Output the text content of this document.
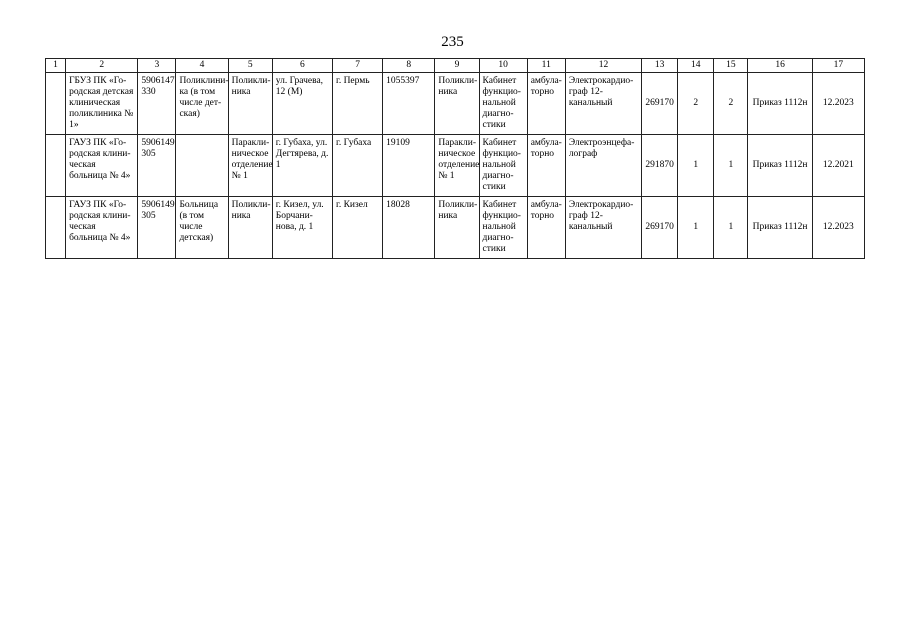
235
1	2	3	4	5	6	7	8	9	10	11	12	13	14	15	16	17
	ГБУЗ ПК «Го- родская детская клиническая поликлиника № 1»	5906147 330	Поликлини- ка (в том числе дет- ская)	Поликли- ника	ул. Грачева, 12 (М)	г. Пермь	1055397	Поликли- ника	Кабинет функцио- нальной диагно- стики	амбула- торно	Электрокардио- граф 12- канальный	269170	2	2	Приказ 1112н	12.2023
	ГАУЗ ПК «Го- родская клини- ческая больница № 4»	5906149 305		Паракли- ническое отделение № 1	г. Губаха, ул. Дегтярева, д. 1	г. Губаха	19109	Паракли- ническое отделение № 1	Кабинет функцио- нальной диагно- стики	амбула- торно	Электроэнцефа- лограф	291870	1	1	Приказ 1112н	12.2021
	ГАУЗ ПК «Го- родская клини- ческая больница № 4»	5906149 305	Больница (в том числе детская)	Поликли- ника	г. Кизел, ул. Борчани- нова, д. 1	г. Кизел	18028	Поликли- ника	Кабинет функцио- нальной диагно- стики	амбула- торно	Электрокардио- граф 12- канальный	269170	1	1	Приказ 1112н	12.2023
